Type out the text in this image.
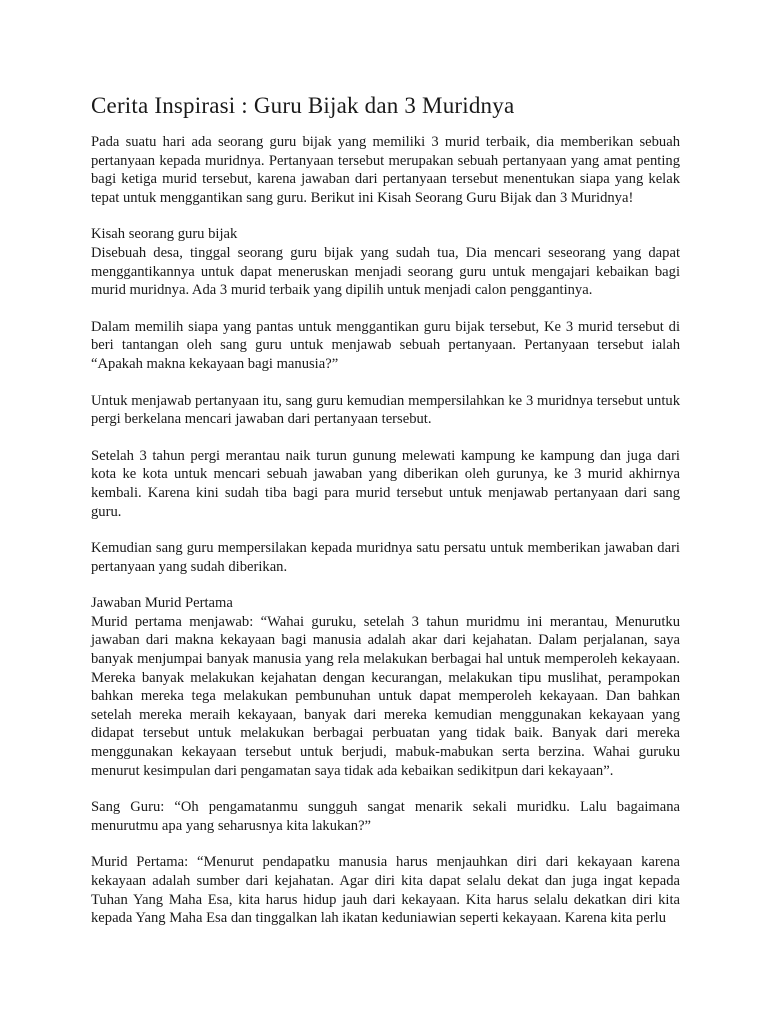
Cerita Inspirasi : Guru Bijak dan 3 Muridnya

Pada suatu hari ada seorang guru bijak yang memiliki 3 murid terbaik, dia memberikan sebuah pertanyaan kepada muridnya. Pertanyaan tersebut merupakan sebuah pertanyaan yang amat penting bagi ketiga murid tersebut, karena jawaban dari pertanyaan tersebut menentukan siapa yang kelak tepat untuk menggantikan sang guru. Berikut ini Kisah Seorang Guru Bijak dan 3 Muridnya!

Kisah seorang guru bijak

Disebuah desa, tinggal seorang guru bijak yang sudah tua, Dia mencari seseorang yang dapat menggantikannya untuk dapat meneruskan menjadi seorang guru untuk mengajari kebaikan bagi murid muridnya. Ada 3 murid terbaik yang dipilih untuk menjadi calon penggantinya.

Dalam memilih siapa yang pantas untuk menggantikan guru bijak tersebut, Ke 3 murid tersebut di beri tantangan oleh sang guru untuk menjawab sebuah pertanyaan. Pertanyaan tersebut ialah “Apakah makna kekayaan bagi manusia?”

Untuk menjawab pertanyaan itu, sang guru kemudian mempersilahkan ke 3 muridnya tersebut untuk pergi berkelana mencari jawaban dari pertanyaan tersebut.

Setelah 3 tahun pergi merantau naik turun gunung melewati kampung ke kampung dan juga dari kota ke kota untuk mencari sebuah jawaban yang diberikan oleh gurunya, ke 3 murid akhirnya kembali. Karena kini sudah tiba bagi para murid tersebut untuk menjawab pertanyaan dari sang guru.

Kemudian sang guru mempersilakan kepada muridnya satu persatu untuk memberikan jawaban dari pertanyaan yang sudah diberikan.

Jawaban Murid Pertama

Murid pertama menjawab: “Wahai guruku, setelah 3 tahun muridmu ini merantau, Menurutku jawaban dari makna kekayaan bagi manusia adalah akar dari kejahatan. Dalam perjalanan, saya banyak menjumpai banyak manusia yang rela melakukan berbagai hal untuk memperoleh kekayaan. Mereka banyak melakukan kejahatan dengan kecurangan, melakukan tipu muslihat, perampokan bahkan mereka tega melakukan pembunuhan untuk dapat memperoleh kekayaan. Dan bahkan setelah mereka meraih kekayaan, banyak dari mereka kemudian menggunakan kekayaan yang didapat tersebut untuk melakukan berbagai perbuatan yang tidak baik. Banyak dari mereka menggunakan kekayaan tersebut untuk berjudi, mabuk-mabukan serta berzina. Wahai guruku menurut kesimpulan dari pengamatan saya tidak ada kebaikan sedikitpun dari kekayaan”.

Sang Guru: “Oh pengamatanmu sungguh sangat menarik sekali muridku. Lalu bagaimana menurutmu apa yang seharusnya kita lakukan?”

Murid Pertama: “Menurut pendapatku manusia harus menjauhkan diri dari kekayaan karena kekayaan adalah sumber dari kejahatan. Agar diri kita dapat selalu dekat dan juga ingat kepada Tuhan Yang Maha Esa, kita harus hidup jauh dari kekayaan. Kita harus selalu dekatkan diri kita kepada Yang Maha Esa dan tinggalkan lah ikatan keduniawian seperti kekayaan. Karena kita perlu
